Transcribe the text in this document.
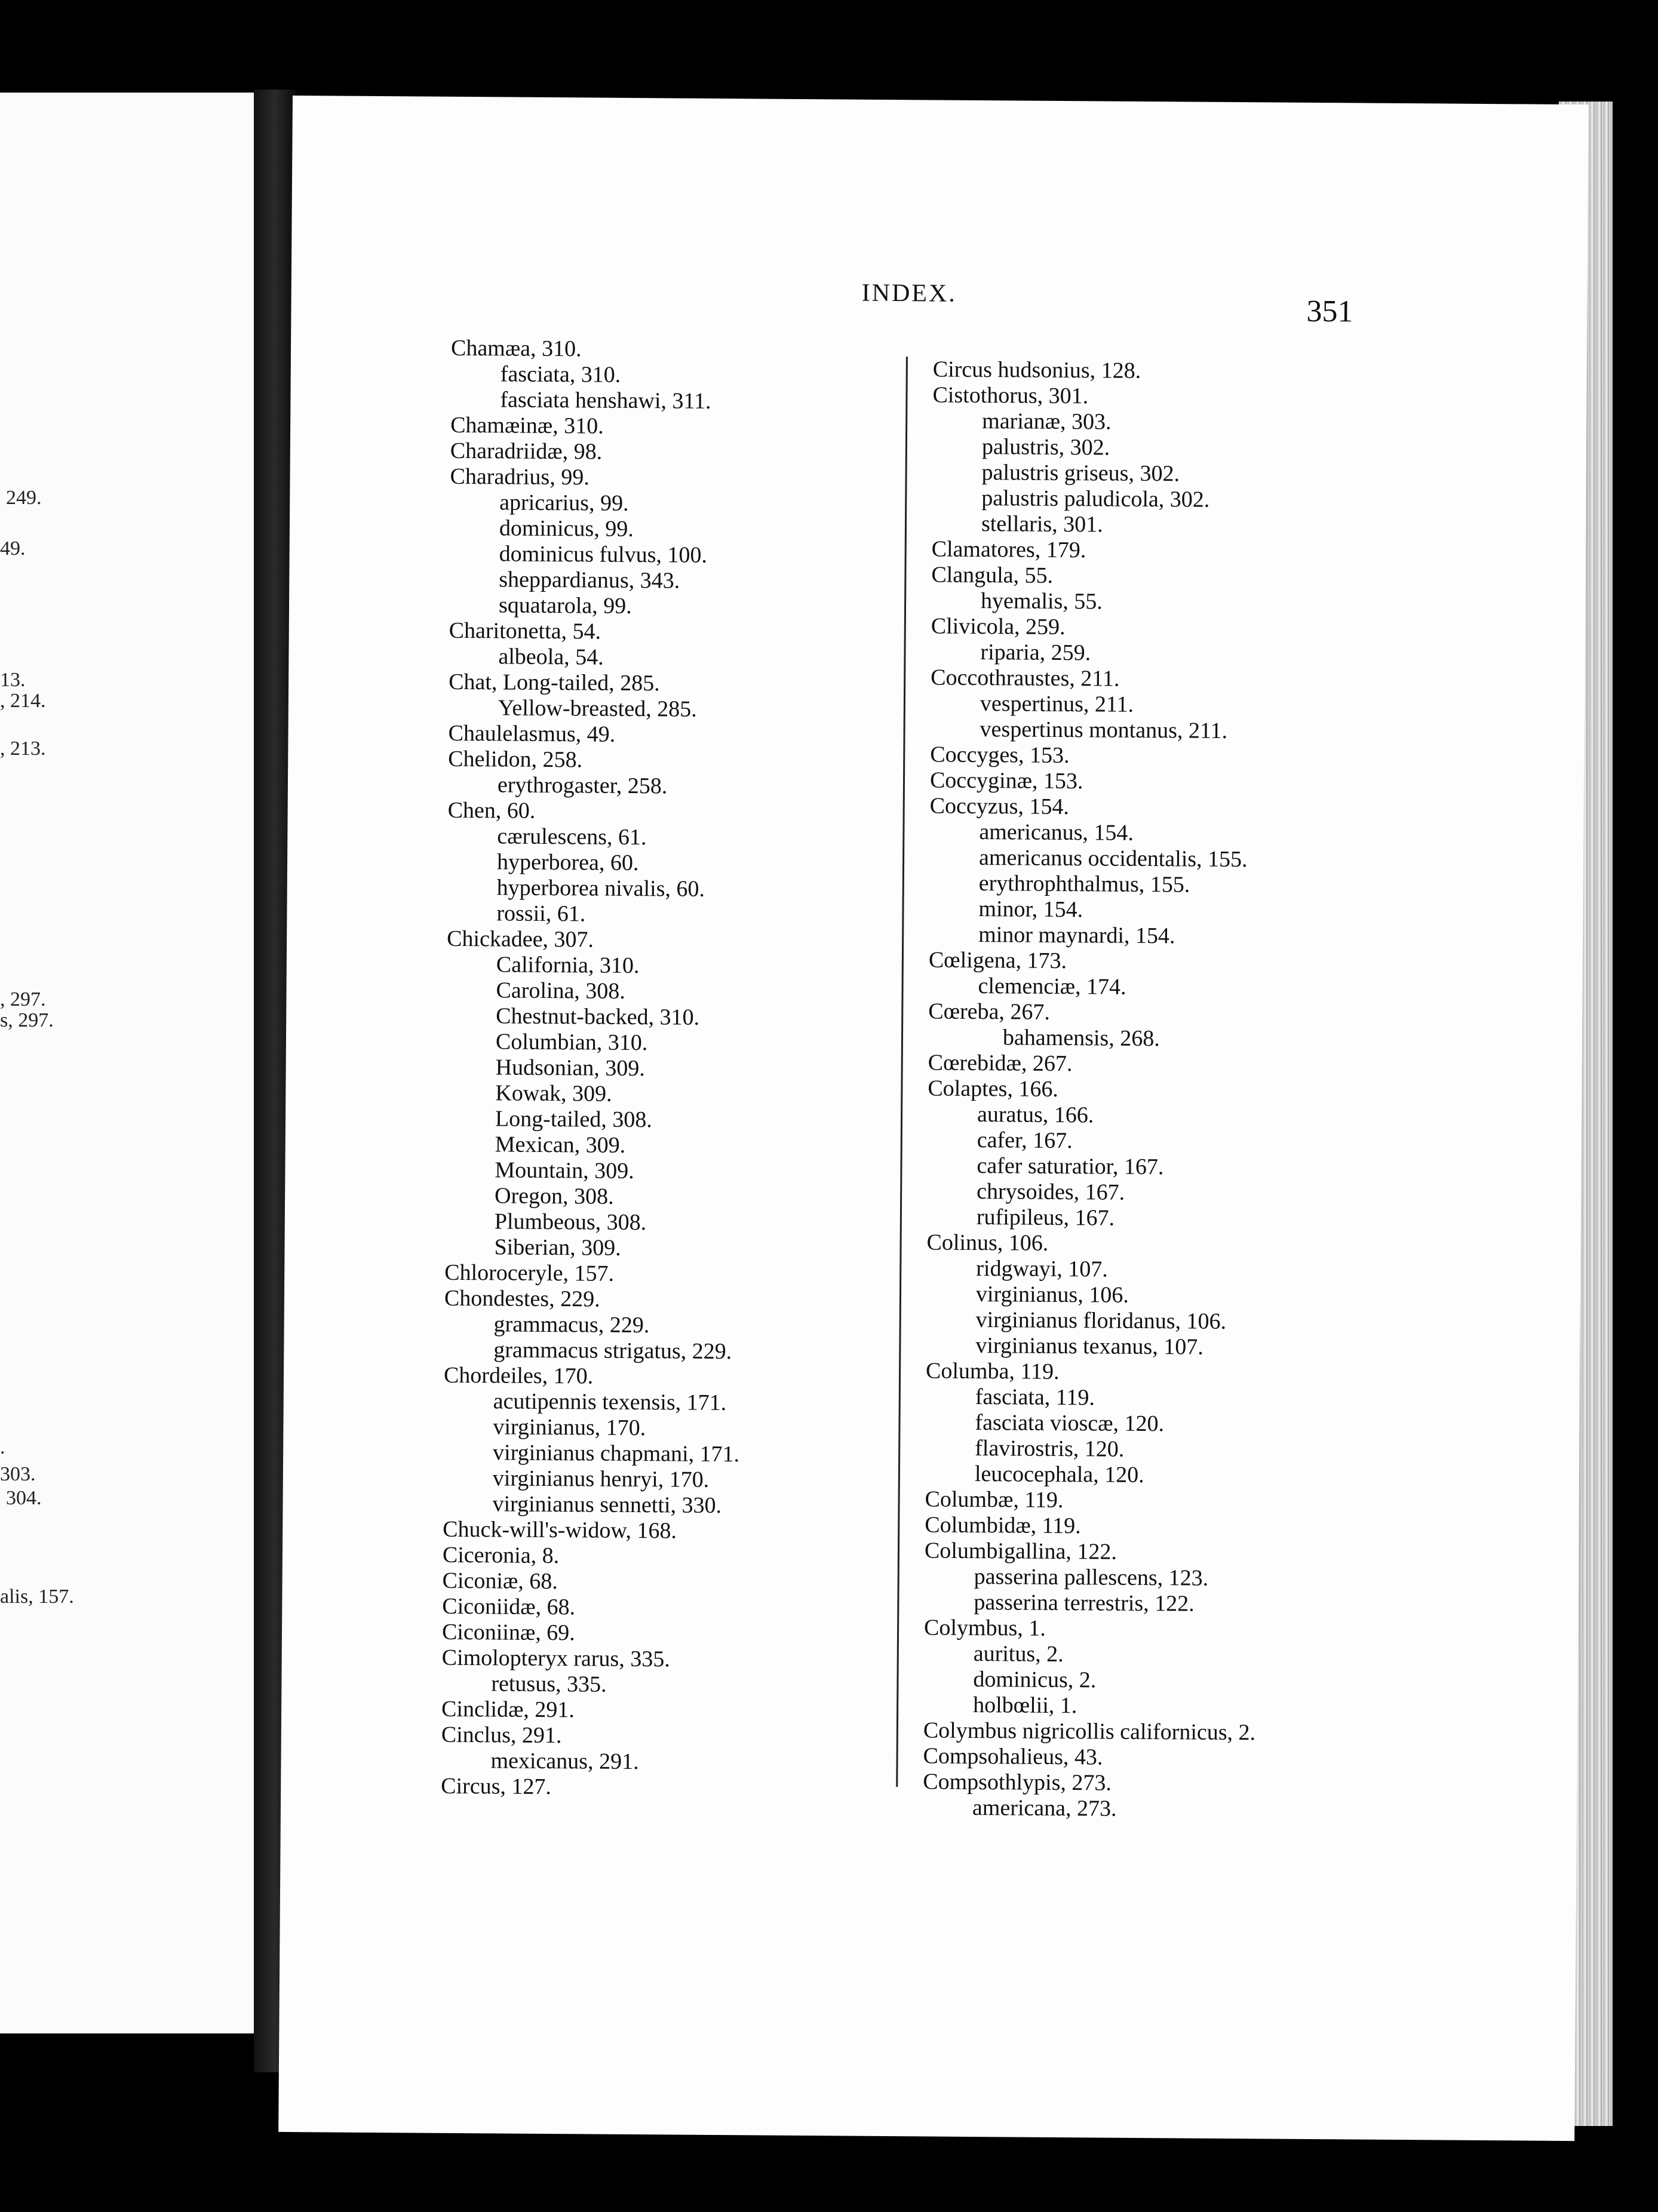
249.
49.
13.
, 214.
, 213.
, 297.
s, 297.
.
303.
304.
alis, 157.
INDEX.
351
Chamæa, 310.
fasciata, 310.
fasciata henshawi, 311.
Chamæinæ, 310.
Charadriidæ, 98.
Charadrius, 99.
apricarius, 99.
dominicus, 99.
dominicus fulvus, 100.
sheppardianus, 343.
squatarola, 99.
Charitonetta, 54.
albeola, 54.
Chat, Long-tailed, 285.
Yellow-breasted, 285.
Chaulelasmus, 49.
Chelidon, 258.
erythrogaster, 258.
Chen, 60.
cærulescens, 61.
hyperborea, 60.
hyperborea nivalis, 60.
rossii, 61.
Chickadee, 307.
California, 310.
Carolina, 308.
Chestnut-backed, 310.
Columbian, 310.
Hudsonian, 309.
Kowak, 309.
Long-tailed, 308.
Mexican, 309.
Mountain, 309.
Oregon, 308.
Plumbeous, 308.
Siberian, 309.
Chloroceryle, 157.
Chondestes, 229.
grammacus, 229.
grammacus strigatus, 229.
Chordeiles, 170.
acutipennis texensis, 171.
virginianus, 170.
virginianus chapmani, 171.
virginianus henryi, 170.
virginianus sennetti, 330.
Chuck-will's-widow, 168.
Ciceronia, 8.
Ciconiæ, 68.
Ciconiidæ, 68.
Ciconiinæ, 69.
Cimolopteryx rarus, 335.
retusus, 335.
Cinclidæ, 291.
Cinclus, 291.
mexicanus, 291.
Circus, 127.
Circus hudsonius, 128.
Cistothorus, 301.
marianæ, 303.
palustris, 302.
palustris griseus, 302.
palustris paludicola, 302.
stellaris, 301.
Clamatores, 179.
Clangula, 55.
hyemalis, 55.
Clivicola, 259.
riparia, 259.
Coccothraustes, 211.
vespertinus, 211.
vespertinus montanus, 211.
Coccyges, 153.
Coccyginæ, 153.
Coccyzus, 154.
americanus, 154.
americanus occidentalis, 155.
erythrophthalmus, 155.
minor, 154.
minor maynardi, 154.
Cœligena, 173.
clemenciæ, 174.
Cœreba, 267.
bahamensis, 268.
Cœrebidæ, 267.
Colaptes, 166.
auratus, 166.
cafer, 167.
cafer saturatior, 167.
chrysoides, 167.
rufipileus, 167.
Colinus, 106.
ridgwayi, 107.
virginianus, 106.
virginianus floridanus, 106.
virginianus texanus, 107.
Columba, 119.
fasciata, 119.
fasciata vioscæ, 120.
flavirostris, 120.
leucocephala, 120.
Columbæ, 119.
Columbidæ, 119.
Columbigallina, 122.
passerina pallescens, 123.
passerina terrestris, 122.
Colymbus, 1.
auritus, 2.
dominicus, 2.
holbœlii, 1.
Colymbus nigricollis californicus, 2.
Compsohalieus, 43.
Compsothlypis, 273.
americana, 273.
